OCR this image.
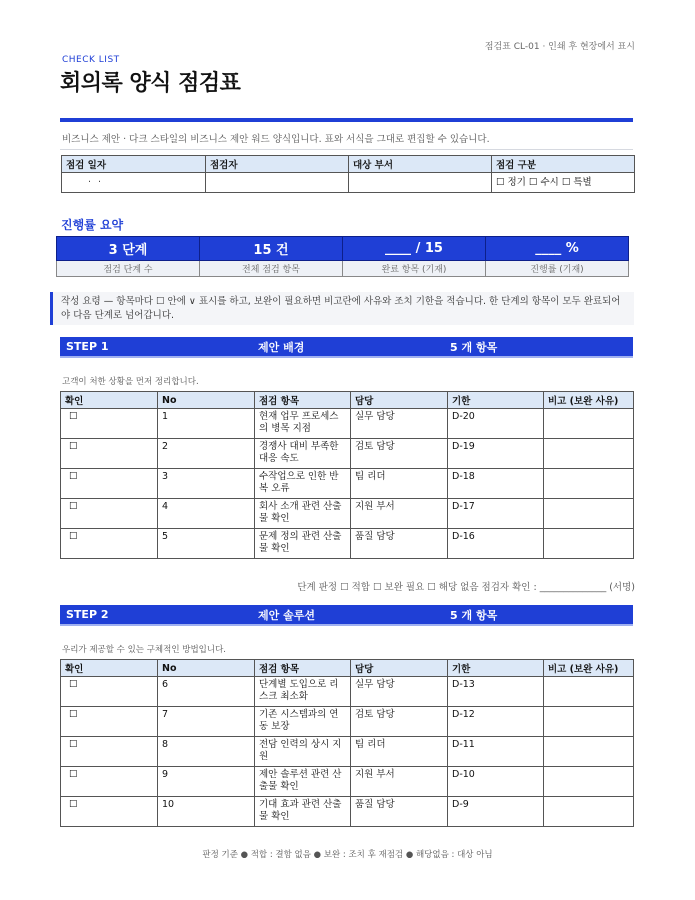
점검표 CL-01 · 인쇄 후 현장에서 표시
CHECK LIST
회의록 양식 점검표
비즈니스 제안 · 다크 스타일의 비즈니스 제안 워드 양식입니다. 표와 서식을 그대로 편집할 수 있습니다.
점검 일자	점검자	대상 부서	점검 구분
. .			☐ 정기 ☐ 수시 ☐ 특별
진행률 요약
3 단계	15 건	____ / 15	____ %
점검 단계 수	전체 점검 항목	완료 항목 (기재)	진행률 (기재)
작성 요령 — 항목마다 ☐ 안에 ∨ 표시를 하고, 보완이 필요하면 비고란에 사유와 조치 기한을 적습니다. 한 단계의 항목이 모두 완료되어야 다음 단계로 넘어갑니다.
STEP 1	제안 배경	5 개 항목
고객이 처한 상황을 먼저 정리합니다.
확인	No	점검 항목	담당	기한	비고 (보완 사유)
☐	1	현재 업무 프로세스의 병목 지점	실무 담당	D-20	
☐	2	경쟁사 대비 부족한 대응 속도	검토 담당	D-19	
☐	3	수작업으로 인한 반복 오류	팀 리더	D-18	
☐	4	회사 소개 관련 산출물 확인	지원 부서	D-17	
☐	5	문제 정의 관련 산출물 확인	품질 담당	D-16	
단계 판정 ☐ 적합 ☐ 보완 필요 ☐ 해당 없음 점검자 확인 : ______________ (서명)
STEP 2	제안 솔루션	5 개 항목
우리가 제공할 수 있는 구체적인 방법입니다.
확인	No	점검 항목	담당	기한	비고 (보완 사유)
☐	6	단계별 도입으로 리스크 최소화	실무 담당	D-13	
☐	7	기존 시스템과의 연동 보장	검토 담당	D-12	
☐	8	전담 인력의 상시 지원	팀 리더	D-11	
☐	9	제안 솔루션 관련 산출물 확인	지원 부서	D-10	
☐	10	기대 효과 관련 산출물 확인	품질 담당	D-9	
판정 기준 ● 적합 : 결함 없음 ● 보완 : 조치 후 재점검 ● 해당없음 : 대상 아님
